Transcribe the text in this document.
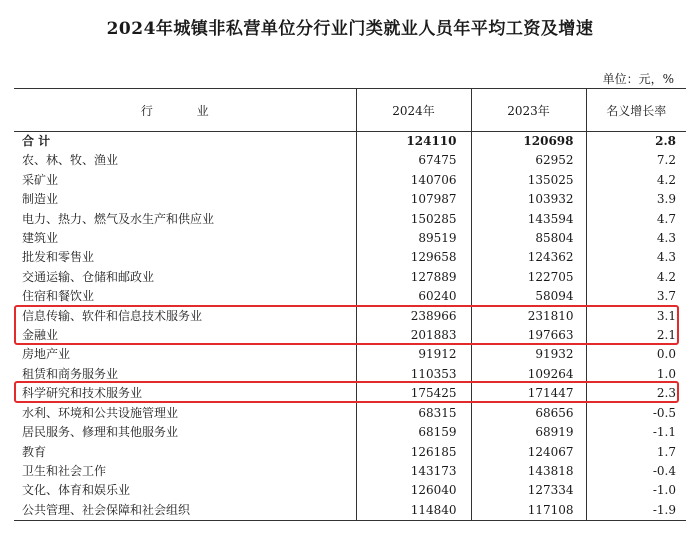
2024年城镇非私营单位分行业门类就业人员年平均工资及增速
单位：元，%
行 业	2024年	2023年	名义增长率
合 计	124110	120698	2.8
农、林、牧、渔业	67475	62952	7.2
采矿业	140706	135025	4.2
制造业	107987	103932	3.9
电力、热力、燃气及水生产和供应业	150285	143594	4.7
建筑业	89519	85804	4.3
批发和零售业	129658	124362	4.3
交通运输、仓储和邮政业	127889	122705	4.2
住宿和餐饮业	60240	58094	3.7
信息传输、软件和信息技术服务业	238966	231810	3.1
金融业	201883	197663	2.1
房地产业	91912	91932	0.0
租赁和商务服务业	110353	109264	1.0
科学研究和技术服务业	175425	171447	2.3
水利、环境和公共设施管理业	68315	68656	-0.5
居民服务、修理和其他服务业	68159	68919	-1.1
教育	126185	124067	1.7
卫生和社会工作	143173	143818	-0.4
文化、体育和娱乐业	126040	127334	-1.0
公共管理、社会保障和社会组织	114840	117108	-1.9
